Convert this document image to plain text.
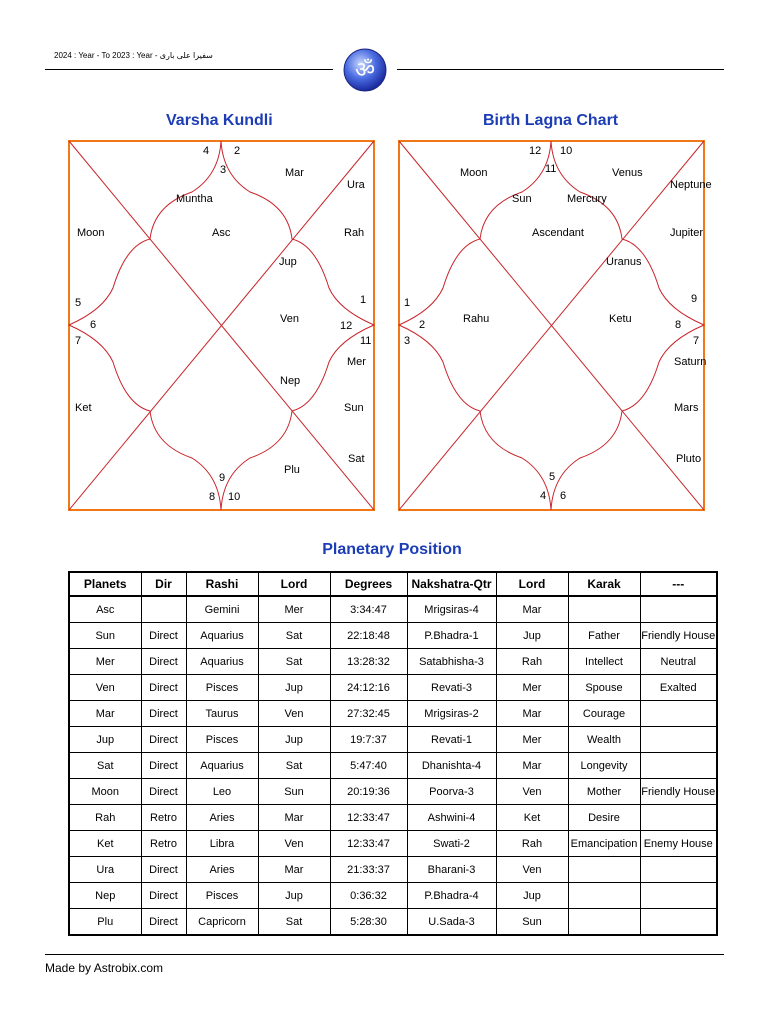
2024 : Year - To 2023 : Year - سفیرا علی باری
ॐ
Varsha Kundli
4 2
3
5
6
7
1
12
11
9
8 10
Mar
Ura
Muntha
Moon	Asc	Rah
Jup
Ven
Mer
Nep
Ket	Sun
Sat
Plu
Birth Lagna Chart
12 10
11
1
2
3
9
8
7
5
4 6
Moon	Venus
Neptune
Sun	Mercury
Ascendant	Jupiter
Uranus
Rahu	Ketu
Saturn
Mars
Pluto
Planetary Position
Planets	Dir	Rashi	Lord	Degrees	Nakshatra-Qtr	Lord	Karak	---
Asc		Gemini	Mer	3:34:47	Mrigsiras-4	Mar		
Sun	Direct	Aquarius	Sat	22:18:48	P.Bhadra-1	Jup	Father	Friendly House
Mer	Direct	Aquarius	Sat	13:28:32	Satabhisha-3	Rah	Intellect	Neutral
Ven	Direct	Pisces	Jup	24:12:16	Revati-3	Mer	Spouse	Exalted
Mar	Direct	Taurus	Ven	27:32:45	Mrigsiras-2	Mar	Courage	
Jup	Direct	Pisces	Jup	19:7:37	Revati-1	Mer	Wealth	
Sat	Direct	Aquarius	Sat	5:47:40	Dhanishta-4	Mar	Longevity	
Moon	Direct	Leo	Sun	20:19:36	Poorva-3	Ven	Mother	Friendly House
Rah	Retro	Aries	Mar	12:33:47	Ashwini-4	Ket	Desire	
Ket	Retro	Libra	Ven	12:33:47	Swati-2	Rah	Emancipation	Enemy House
Ura	Direct	Aries	Mar	21:33:37	Bharani-3	Ven		
Nep	Direct	Pisces	Jup	0:36:32	P.Bhadra-4	Jup		
Plu	Direct	Capricorn	Sat	5:28:30	U.Sada-3	Sun		
Made by Astrobix.com
